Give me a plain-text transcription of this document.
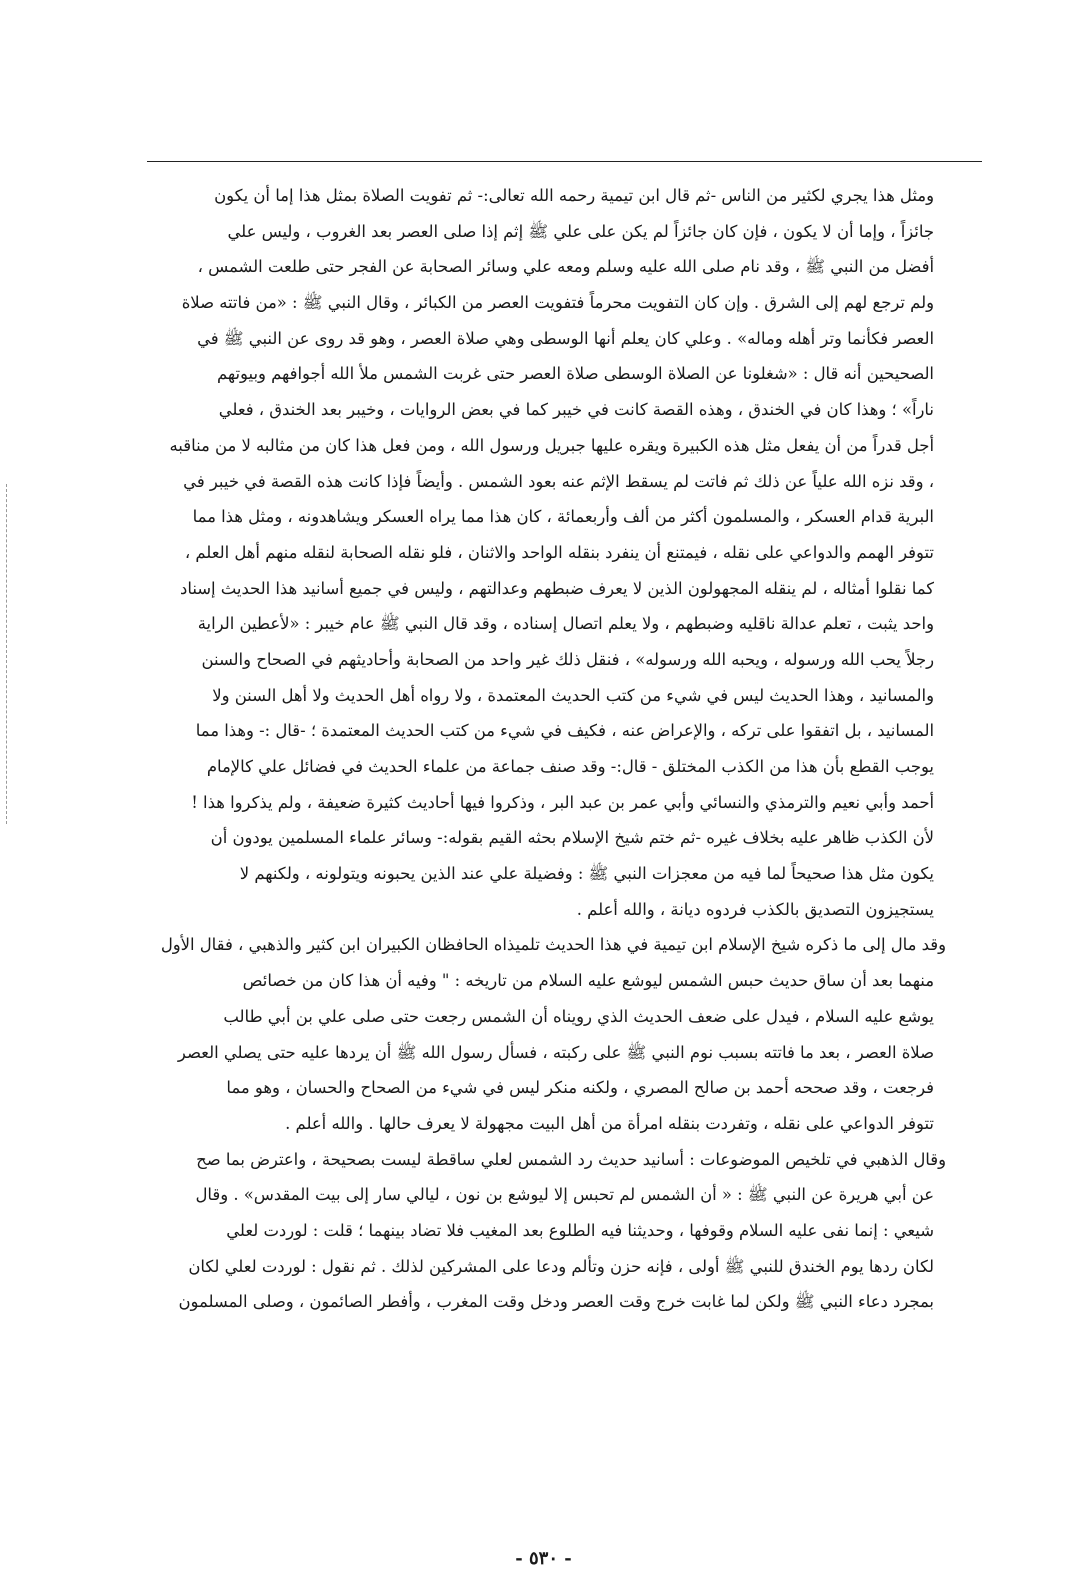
ومثل هذا يجري لكثير من الناس -ثم قال ابن تيمية رحمه الله تعالى:- ثم تفويت الصلاة بمثل هذا إما أن يكون
جائزاً ، وإما أن لا يكون ، فإن كان جائزاً لم يكن على علي ﷺ إثم إذا صلى العصر بعد الغروب ، وليس علي
أفضل من النبي ﷺ ، وقد نام صلى الله عليه وسلم ومعه علي وسائر الصحابة عن الفجر حتى طلعت الشمس ،
ولم ترجع لهم إلى الشرق . وإن كان التفويت محرماً فتفويت العصر من الكبائر ، وقال النبي ﷺ : «من فاتته صلاة
العصر فكأنما وتر أهله وماله» . وعلي كان يعلم أنها الوسطى وهي صلاة العصر ، وهو قد روى عن النبي ﷺ في
الصحيحين أنه قال : «شغلونا عن الصلاة الوسطى صلاة العصر حتى غربت الشمس ملأ الله أجوافهم وبيوتهم
ناراً» ؛ وهذا كان في الخندق ، وهذه القصة كانت في خيبر كما في بعض الروايات ، وخيبر بعد الخندق ، فعلي
أجل قدراً من أن يفعل مثل هذه الكبيرة ويقره عليها جبريل ورسول الله ، ومن فعل هذا كان من مثالبه لا من مناقبه
، وقد نزه الله علياً عن ذلك ثم فاتت لم يسقط الإثم عنه بعود الشمس . وأيضاً فإذا كانت هذه القصة في خيبر في
البرية قدام العسكر ، والمسلمون أكثر من ألف وأربعمائة ، كان هذا مما يراه العسكر ويشاهدونه ، ومثل هذا مما
تتوفر الهمم والدواعي على نقله ، فيمتنع أن ينفرد بنقله الواحد والاثنان ، فلو نقله الصحابة لنقله منهم أهل العلم ،
كما نقلوا أمثاله ، لم ينقله المجهولون الذين لا يعرف ضبطهم وعدالتهم ، وليس في جميع أسانيد هذا الحديث إسناد
واحد يثبت ، تعلم عدالة ناقليه وضبطهم ، ولا يعلم اتصال إسناده ، وقد قال النبي ﷺ عام خيبر : «لأعطين الراية
رجلاً يحب الله ورسوله ، ويحبه الله ورسوله» ، فنقل ذلك غير واحد من الصحابة وأحاديثهم في الصحاح والسنن
والمسانيد ، وهذا الحديث ليس في شيء من كتب الحديث المعتمدة ، ولا رواه أهل الحديث ولا أهل السنن ولا
المسانيد ، بل اتفقوا على تركه ، والإعراض عنه ، فكيف في شيء من كتب الحديث المعتمدة ؛ -قال :- وهذا مما
يوجب القطع بأن هذا من الكذب المختلق - قال:- وقد صنف جماعة من علماء الحديث في فضائل علي كالإمام
أحمد وأبي نعيم والترمذي والنسائي وأبي عمر بن عبد البر ، وذكروا فيها أحاديث كثيرة ضعيفة ، ولم يذكروا هذا !
لأن الكذب ظاهر عليه بخلاف غيره -ثم ختم شيخ الإسلام بحثه القيم بقوله:- وسائر علماء المسلمين يودون أن
يكون مثل هذا صحيحاً لما فيه من معجزات النبي ﷺ : وفضيلة علي عند الذين يحبونه ويتولونه ، ولكنهم لا
يستجيزون التصديق بالكذب فردوه ديانة ، والله أعلم .
وقد مال إلى ما ذكره شيخ الإسلام ابن تيمية في هذا الحديث تلميذاه الحافظان الكبيران ابن كثير والذهبي ، فقال الأول
منهما بعد أن ساق حديث حبس الشمس ليوشع عليه السلام من تاريخه : " وفيه أن هذا كان من خصائص
يوشع عليه السلام ، فيدل على ضعف الحديث الذي رويناه أن الشمس رجعت حتى صلى علي بن أبي طالب
صلاة العصر ، بعد ما فاتته بسبب نوم النبي ﷺ على ركبته ، فسأل رسول الله ﷺ أن يردها عليه حتى يصلي العصر
فرجعت ، وقد صححه أحمد بن صالح المصري ، ولكنه منكر ليس في شيء من الصحاح والحسان ، وهو مما
تتوفر الدواعي على نقله ، وتفردت بنقله امرأة من أهل البيت مجهولة لا يعرف حالها . والله أعلم .
وقال الذهبي في تلخيص الموضوعات : أسانيد حديث رد الشمس لعلي ساقطة ليست بصحيحة ، واعترض بما صح
عن أبي هريرة عن النبي ﷺ : « أن الشمس لم تحبس إلا ليوشع بن نون ، ليالي سار إلى بيت المقدس» . وقال
شيعي : إنما نفى عليه السلام وقوفها ، وحديثنا فيه الطلوع بعد المغيب فلا تضاد بينهما ؛ قلت : لوردت لعلي
لكان ردها يوم الخندق للنبي ﷺ أولى ، فإنه حزن وتألم ودعا على المشركين لذلك . ثم نقول : لوردت لعلي لكان
بمجرد دعاء النبي ﷺ ولكن لما غابت خرج وقت العصر ودخل وقت المغرب ، وأفطر الصائمون ، وصلى المسلمون
- ٥٣٠ -
